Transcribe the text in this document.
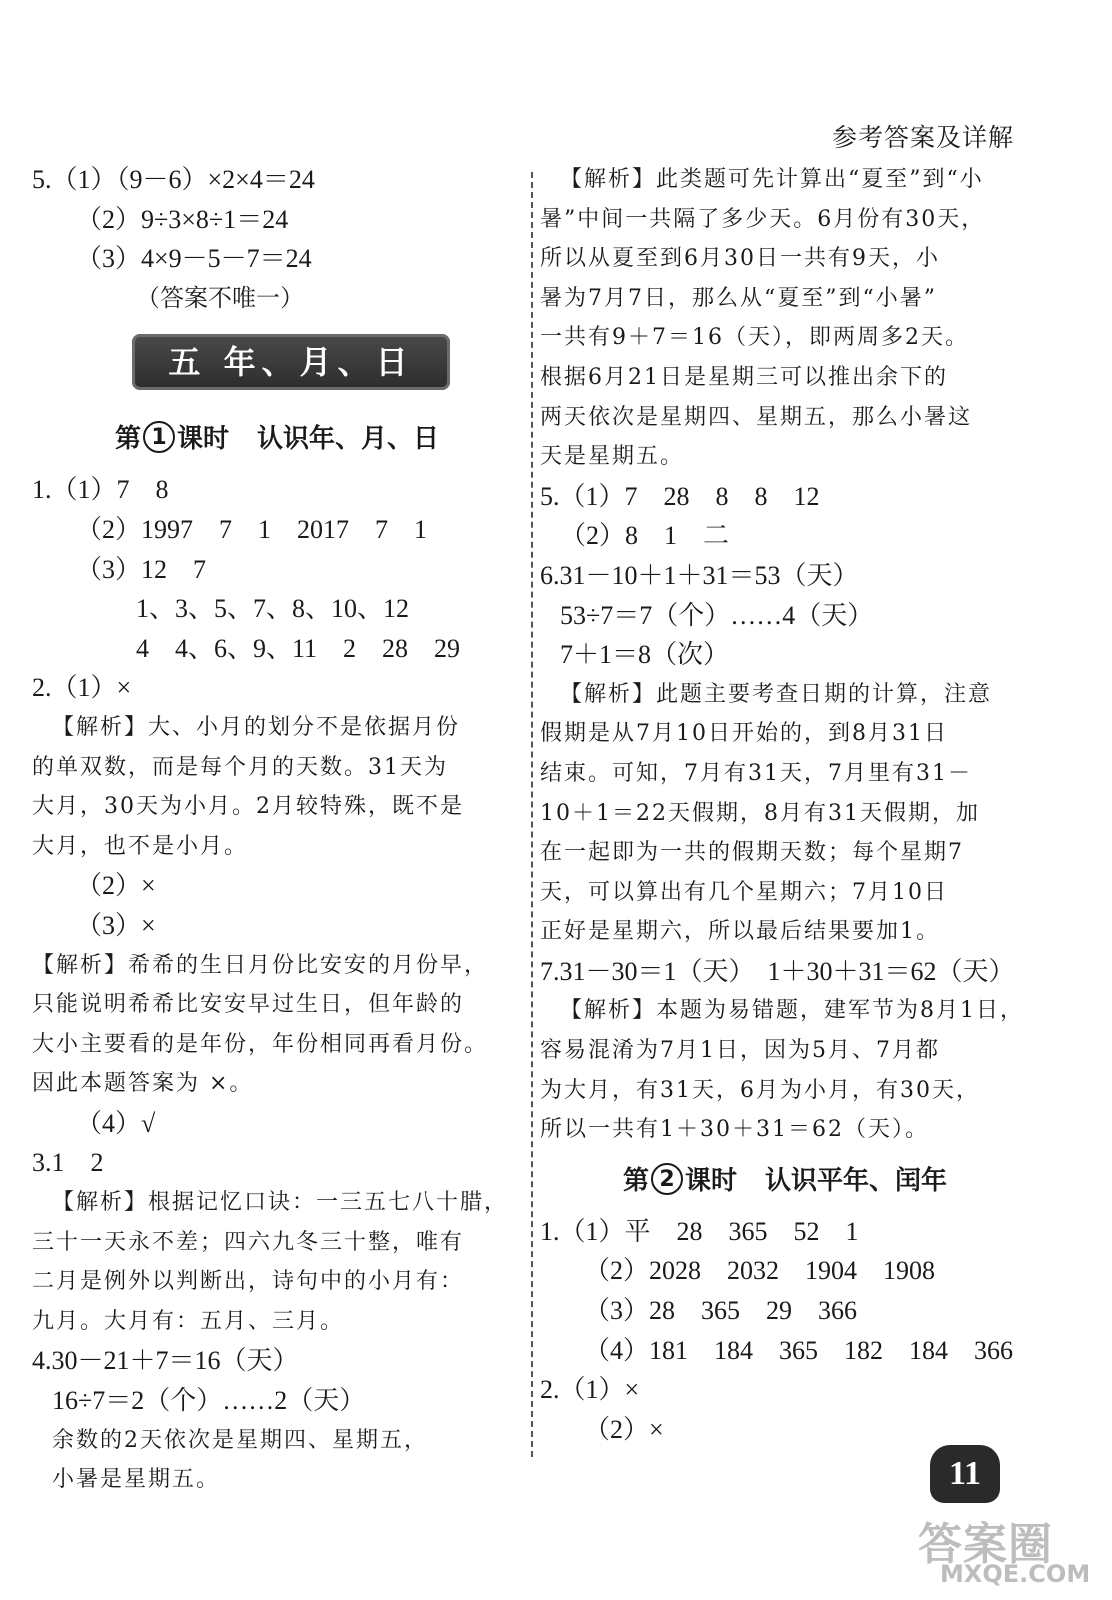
参考答案及详解
5.（1）（9－6）×2×4＝24
（2）9÷3×8÷1＝24
（3）4×9－5－7＝24
（答案不唯一）
五 年、月、日
第 1 课时 认识年、月、日
1.（1）7　8
（2）1997　7　1　2017　7　1
（3）12　7
1、3、5、7、8、10、12
4　4、6、9、11　2　28　29
2.（1）×
【解析】大、小月的划分不是依据月份
的单双数，而是每个月的天数。31天为
大月，30天为小月。2月较特殊，既不是
大月，也不是小月。
（2）×
（3）×
【解析】希希的生日月份比安安的月份早，
只能说明希希比安安早过生日，但年龄的
大小主要看的是年份，年份相同再看月份。
因此本题答案为 ×。
（4）√
3.1　2
【解析】根据记忆口诀：一三五七八十腊，
三十一天永不差；四六九冬三十整，唯有
二月是例外以判断出，诗句中的小月有：
九月。大月有：五月、三月。
4.30－21＋7＝16（天）
16÷7＝2（个）……2（天）
余数的2天依次是星期四、星期五，
小暑是星期五。
【解析】此类题可先计算出“夏至”到“小
暑”中间一共隔了多少天。6月份有30天，
所以从夏至到6月30日一共有9天，小
暑为7月7日，那么从“夏至”到“小暑”
一共有9＋7＝16（天），即两周多2天。
根据6月21日是星期三可以推出余下的
两天依次是星期四、星期五，那么小暑这
天是星期五。
5.（1）7　28　8　8　12
（2）8　1　二
6.31－10＋1＋31＝53（天）
53÷7＝7（个）……4（天）
7＋1＝8（次）
【解析】此题主要考查日期的计算，注意
假期是从7月10日开始的，到8月31日
结束。可知，7月有31天，7月里有31－
10＋1＝22天假期，8月有31天假期，加
在一起即为一共的假期天数；每个星期7
天，可以算出有几个星期六；7月10日
正好是星期六，所以最后结果要加1。
7.31－30＝1（天）　1＋30＋31＝62（天）
【解析】本题为易错题，建军节为8月1日，
容易混淆为7月1日，因为5月、7月都
为大月，有31天，6月为小月，有30天，
所以一共有1＋30＋31＝62（天）。
第 2 课时 认识平年、闰年
1.（1）平　28　365　52　1
（2）2028　2032　1904　1908
（3）28　365　29　366
（4）181　184　365　182　184　366
2.（1）×
（2）×
11
答案圈
MXQE.COM
